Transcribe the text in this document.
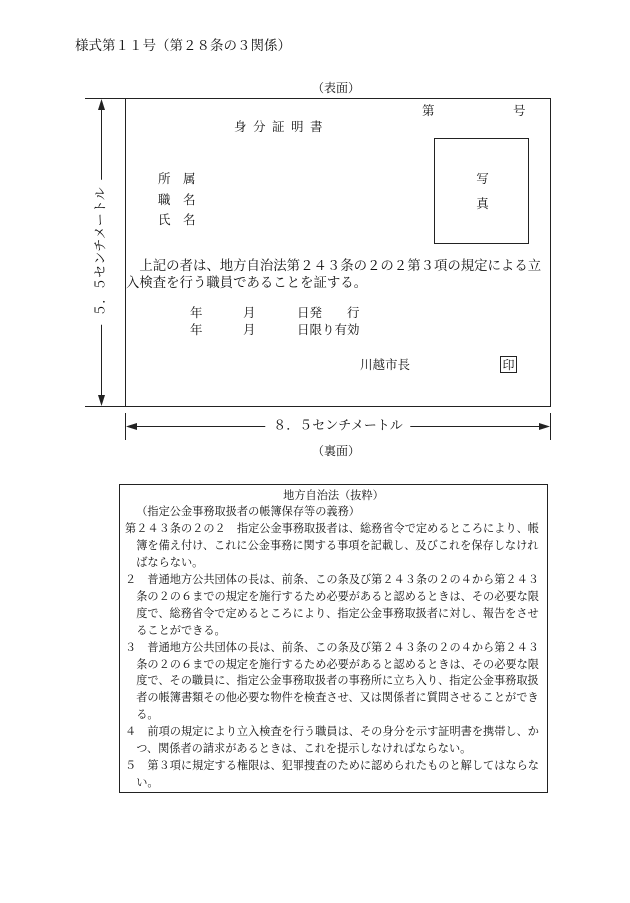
様式第１１号（第２８条の３関係）
５．５センチメートル
８．５センチメートル
（表面）
第	号
身分証明書
写真
所属
職名
氏名
上記の者は、地方自治法第２４３条の２の２第３項の規定による立
入検査を行う職員であることを証する。
年	月	日発　　行
年	月	日限り有効
川越市長	印
（裏面）
地方自治法（抜粋）
（指定公金事務取扱者の帳簿保存等の義務）
第２４３条の２の２　指定公金事務取扱者は、総務省令で定めるところにより、帳
簿を備え付け、これに公金事務に関する事項を記載し、及びこれを保存しなけれ
ばならない。
２　普通地方公共団体の長は、前条、この条及び第２４３条の２の４から第２４３
条の２の６までの規定を施行するため必要があると認めるときは、その必要な限
度で、総務省令で定めるところにより、指定公金事務取扱者に対し、報告をさせ
ることができる。
３　普通地方公共団体の長は、前条、この条及び第２４３条の２の４から第２４３
条の２の６までの規定を施行するため必要があると認めるときは、その必要な限
度で、その職員に、指定公金事務取扱者の事務所に立ち入り、指定公金事務取扱
者の帳簿書類その他必要な物件を検査させ、又は関係者に質問させることができ
る。
４　前項の規定により立入検査を行う職員は、その身分を示す証明書を携帯し、か
つ、関係者の請求があるときは、これを提示しなければならない。
５　第３項に規定する権限は、犯罪捜査のために認められたものと解してはならな
い。
